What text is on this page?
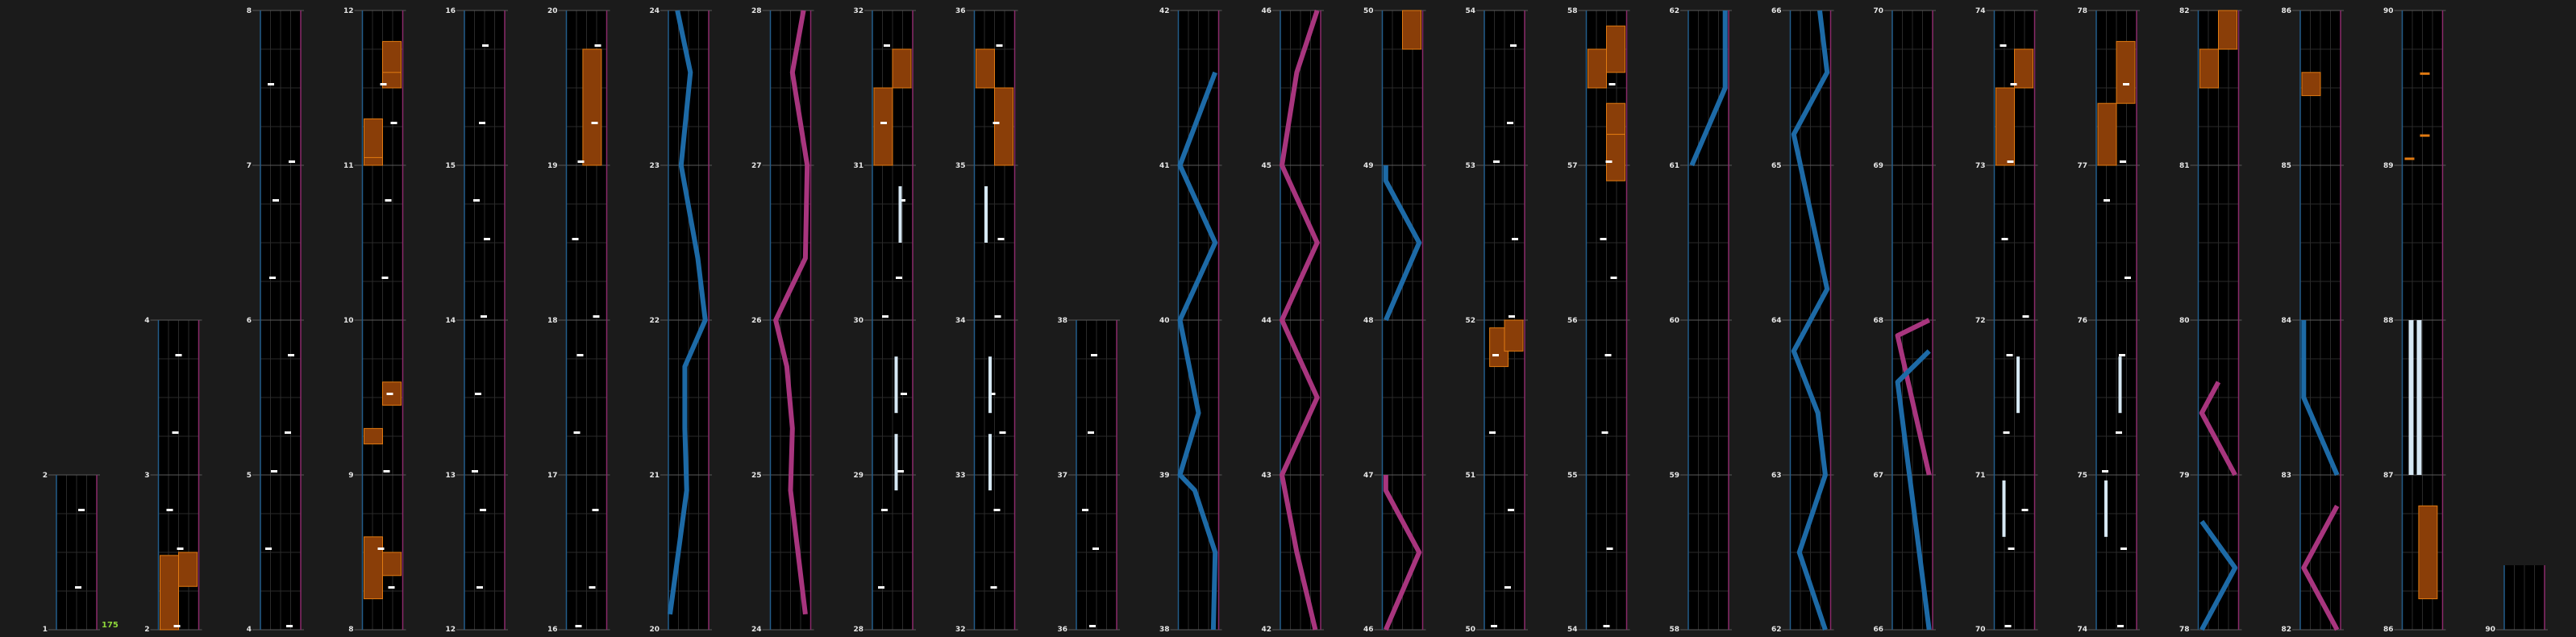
1
2
2
3
4
4
5
6
7
8
8
9
10
11
12
12
13
14
15
16
16
17
18
19
20
20
21
22
23
24
24
25
26
27
28
28
29
30
31
32
32
33
34
35
36
36
37
38
38
39
40
41
42
42
43
44
45
46
46
47
48
49
50
50
51
52
53
54
54
55
56
57
58
58
59
60
61
62
62
63
64
65
66
66
67
68
69
70
70
71
72
73
74
74
75
76
77
78
78
79
80
81
82
82
83
84
85
86
86
87
88
89
90
90
175
